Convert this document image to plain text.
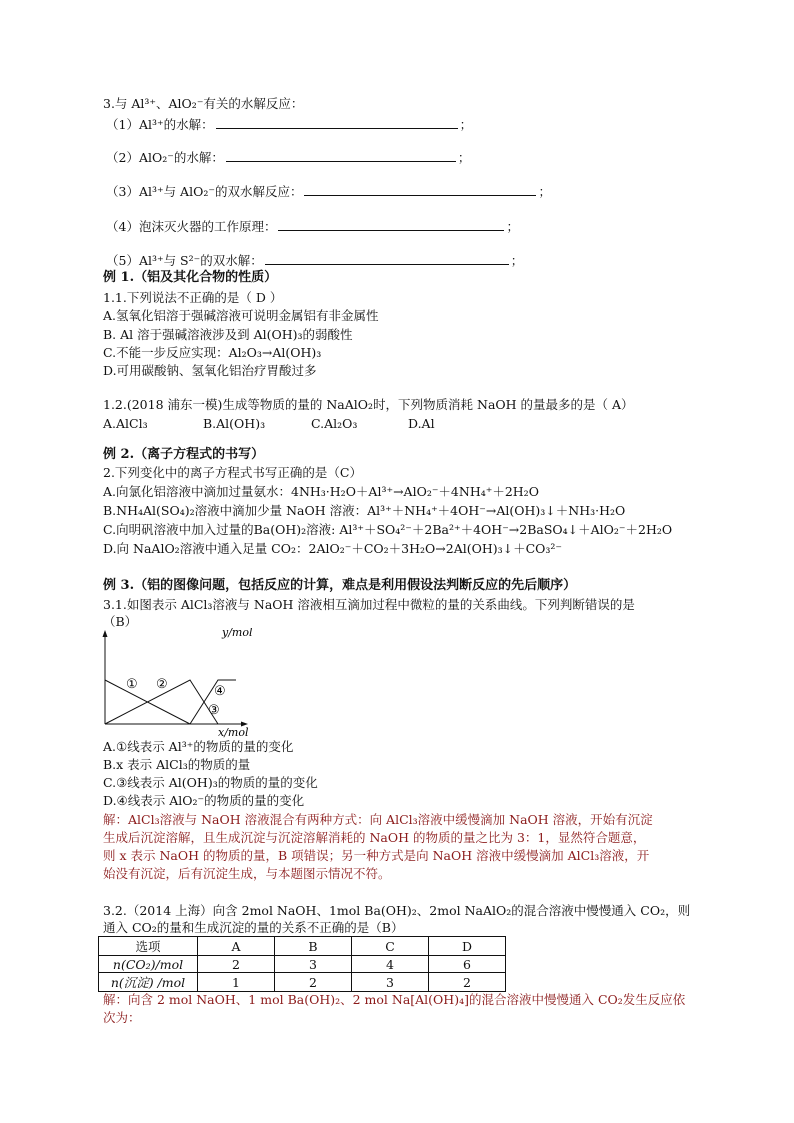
3.与 Al³⁺、AlO₂⁻有关的水解反应：
（1）Al³⁺的水解：	；
（2）AlO₂⁻的水解：	；
（3）Al³⁺与 AlO₂⁻的双水解反应：	；
（4）泡沫灭火器的工作原理：	；
（5）Al³⁺与 S²⁻的双水解：	；
例 1.（铝及其化合物的性质）
1.1.下列说法不正确的是（ D ）
A.氢氧化铝溶于强碱溶液可说明金属铝有非金属性
B. Al 溶于强碱溶液涉及到 Al(OH)₃的弱酸性
C.不能一步反应实现：Al₂O₃→Al(OH)₃
D.可用碳酸钠、氢氧化铝治疗胃酸过多
1.2.(2018 浦东一模)生成等物质的量的 NaAlO₂时，下列物质消耗 NaOH 的量最多的是（ A）
A.AlCl₃	B.Al(OH)₃	C.Al₂O₃	D.Al
例 2.（离子方程式的书写）
2.下列变化中的离子方程式书写正确的是（C）
A.向氯化铝溶液中滴加过量氨水：4NH₃·H₂O＋Al³⁺→AlO₂⁻＋4NH₄⁺＋2H₂O
B.NH₄Al(SO₄)₂溶液中滴加少量 NaOH 溶液：Al³⁺＋NH₄⁺＋4OH⁻→Al(OH)₃↓＋NH₃·H₂O
C.向明矾溶液中加入过量的Ba(OH)₂溶液: Al³⁺＋SO₄²⁻＋2Ba²⁺＋4OH⁻→2BaSO₄↓＋AlO₂⁻＋2H₂O
D.向 NaAlO₂溶液中通入足量 CO₂：2AlO₂⁻＋CO₂＋3H₂O→2Al(OH)₃↓＋CO₃²⁻
例 3.（铝的图像问题，包括反应的计算，难点是利用假设法判断反应的先后顺序）
3.1.如图表示 AlCl₃溶液与 NaOH 溶液相互滴加过程中微粒的量的关系曲线。下列判断错误的是
（B）
y/mol
① ②
③
④
x/mol
A.①线表示 Al³⁺的物质的量的变化
B.x 表示 AlCl₃的物质的量
C.③线表示 Al(OH)₃的物质的量的变化
D.④线表示 AlO₂⁻的物质的量的变化
解：AlCl₃溶液与 NaOH 溶液混合有两种方式：向 AlCl₃溶液中缓慢滴加 NaOH 溶液，开始有沉淀
生成后沉淀溶解，且生成沉淀与沉淀溶解消耗的 NaOH 的物质的量之比为 3：1，显然符合题意，
则 x 表示 NaOH 的物质的量，B 项错误；另一种方式是向 NaOH 溶液中缓慢滴加 AlCl₃溶液，开
始没有沉淀，后有沉淀生成，与本题图示情况不符。
3.2.（2014 上海）向含 2mol NaOH、1mol Ba(OH)₂、2mol NaAlO₂的混合溶液中慢慢通入 CO₂，则
通入 CO₂的量和生成沉淀的量的关系不正确的是（B）
选项	A	B	C	D
n(CO₂)/mol	2	3	4	6
n(沉淀) /mol	1	2	3	2
解：向含 2 mol NaOH、1 mol Ba(OH)₂、2 mol Na[Al(OH)₄]的混合溶液中慢慢通入 CO₂发生反应依
次为：
